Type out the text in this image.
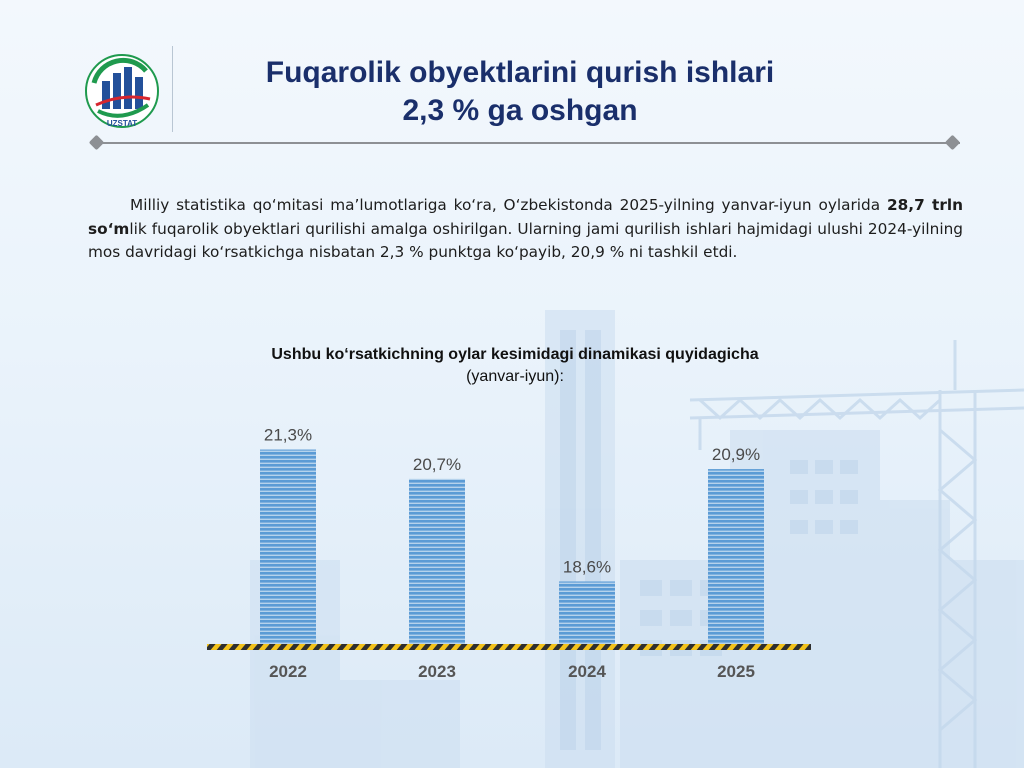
UZSTAT
Fuqarolik obyektlarini qurish ishlari
2,3 % ga oshgan
Milliy statistika qo‘mitasi ma’lumotlariga ko‘ra, O‘zbekistonda 2025-yilning yanvar-iyun oylarida 28,7 trln so‘mlik fuqarolik obyektlari qurilishi amalga oshirilgan. Ularning jami qurilish ishlari hajmidagi ulushi 2024-yilning mos davridagi ko‘rsatkichga nisbatan 2,3 % punktga ko‘payib, 20,9 % ni tashkil etdi.
Ushbu ko‘rsatkichning oylar kesimidagi dinamikasi quyidagicha
(yanvar-iyun):
21,3%
2022
20,7%
2023
18,6%
2024
20,9%
2025
